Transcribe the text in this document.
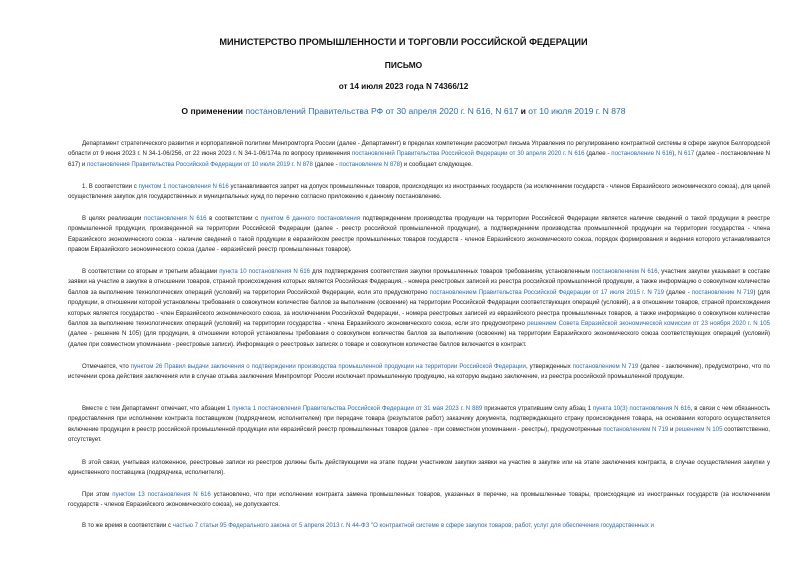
МИНИСТЕРСТВО ПРОМЫШЛЕННОСТИ И ТОРГОВЛИ РОССИЙСКОЙ ФЕДЕРАЦИИ
ПИСЬМО
от 14 июля 2023 года N 74366/12
О применении постановлений Правительства РФ от 30 апреля 2020 г. N 616, N 617 и от 10 июля 2019 г. N 878

Департамент стратегического развития и корпоративной политики Минпромторга России (далее - Департамент) в пределах компетенции рассмотрел письма Управления по регулированию контрактной системы в сфере закупок Белгородской области от 9 июня 2023 г. N 34-1-06/256, от 22 июня 2023 г. N 34-1-06/174а по вопросу применения постановлений Правительства Российской Федерации от 30 апреля 2020 г. N 616 (далее - постановление N 616), N 617 (далее - постановление N 617) и постановления Правительства Российской Федерации от 10 июля 2019 г. N 878 (далее - постановление N 878) и сообщает следующее.

1. В соответствии с пунктом 1 постановления N 616 устанавливается запрет на допуск промышленных товаров, происходящих из иностранных государств (за исключением государств - членов Евразийского экономического союза), для целей осуществления закупок для государственных и муниципальных нужд по перечню согласно приложению к данному постановлению.

В целях реализации постановления N 616 в соответствии с пунктом 6 данного постановления подтверждением производства продукции на территории Российской Федерации является наличие сведений о такой продукции в реестре промышленной продукции, произведенной на территории Российской Федерации (далее - реестр российской промышленной продукции), а подтверждением производства промышленной продукции на территории государства - члена Евразийского экономического союза - наличие сведений о такой продукции в евразийском реестре промышленных товаров государств - членов Евразийского экономического союза, порядок формирования и ведения которого устанавливается правом Евразийского экономического союза (далее - евразийский реестр промышленных товаров).

В соответствии со вторым и третьим абзацами пункта 10 постановления N 616 для подтверждения соответствия закупки промышленных товаров требованиям, установленным постановлением N 616, участник закупки указывает в составе заявки на участие в закупке в отношении товаров, страной происхождения которых является Российская Федерация, - номера реестровых записей из реестра российской промышленной продукции, а также информацию о совокупном количестве баллов за выполнение технологических операций (условий) на территории Российской Федерации, если это предусмотрено постановлением Правительства Российской Федерации от 17 июля 2015 г. N 719 (далее - постановление N 719) (для продукции, в отношении которой установлены требования о совокупном количестве баллов за выполнение (освоение) на территории Российской Федерации соответствующих операций (условий), а в отношении товаров, страной происхождения которых является государство - член Евразийского экономического союза, за исключением Российской Федерации, - номера реестровых записей из евразийского реестра промышленных товаров, а также информацию о совокупном количестве баллов за выполнение технологических операций (условий) на территории государства - члена Евразийского экономического союза, если это предусмотрено решением Совета Евразийской экономической комиссии от 23 ноября 2020 г. N 105 (далее - решение N 105) (для продукции, в отношении которой установлены требования о совокупном количестве баллов за выполнение (освоение) на территории Евразийского экономического союза соответствующих операций (условий) (далее при совместном упоминании - реестровые записи). Информация о реестровых записях о товаре и совокупном количестве баллов включается в контракт.

Отмечается, что пунктом 26 Правил выдачи заключения о подтверждении производства промышленной продукции на территории Российской Федерации, утвержденных постановлением N 719 (далее - заключение), предусмотрено, что по истечении срока действия заключения или в случае отзыва заключения Минпромторг России исключает промышленную продукцию, на которую выдано заключение, из реестра российской промышленной продукции.

Вместе с тем Департамент отмечает, что абзацем 1 пункта 1 постановления Правительства Российской Федерации от 31 мая 2023 г. N 889 признается утратившим силу абзац 1 пункта 10(3) постановления N 616, в связи с чем обязанность предоставления при исполнении контракта поставщиком (подрядчиком, исполнителем) при передаче товара (результатов работ) заказчику документа, подтверждающего страну происхождения товара, на основании которого осуществляется включение продукции в реестр российской промышленной продукции или евразийский реестр промышленных товаров (далее - при совместном упоминании - реестры), предусмотренные постановлением N 719 и решением N 105 соответственно, отсутствует.

В этой связи, учитывая изложенное, реестровые записи из реестров должны быть действующими на этапе подачи участником закупки заявки на участие в закупке или на этапе заключения контракта, в случае осуществления закупки у единственного поставщика (подрядчика, исполнителя).

При этом пунктом 13 постановления N 616 установлено, что при исполнении контракта замена промышленных товаров, указанных в перечне, на промышленные товары, происходящие из иностранных государств (за исключением государств - членов Евразийского экономического союза), не допускается.

В то же время в соответствии с частью 7 статьи 95 Федерального закона от 5 апреля 2013 г. N 44-ФЗ "О контрактной системе в сфере закупок товаров, работ, услуг для обеспечения государственных и
